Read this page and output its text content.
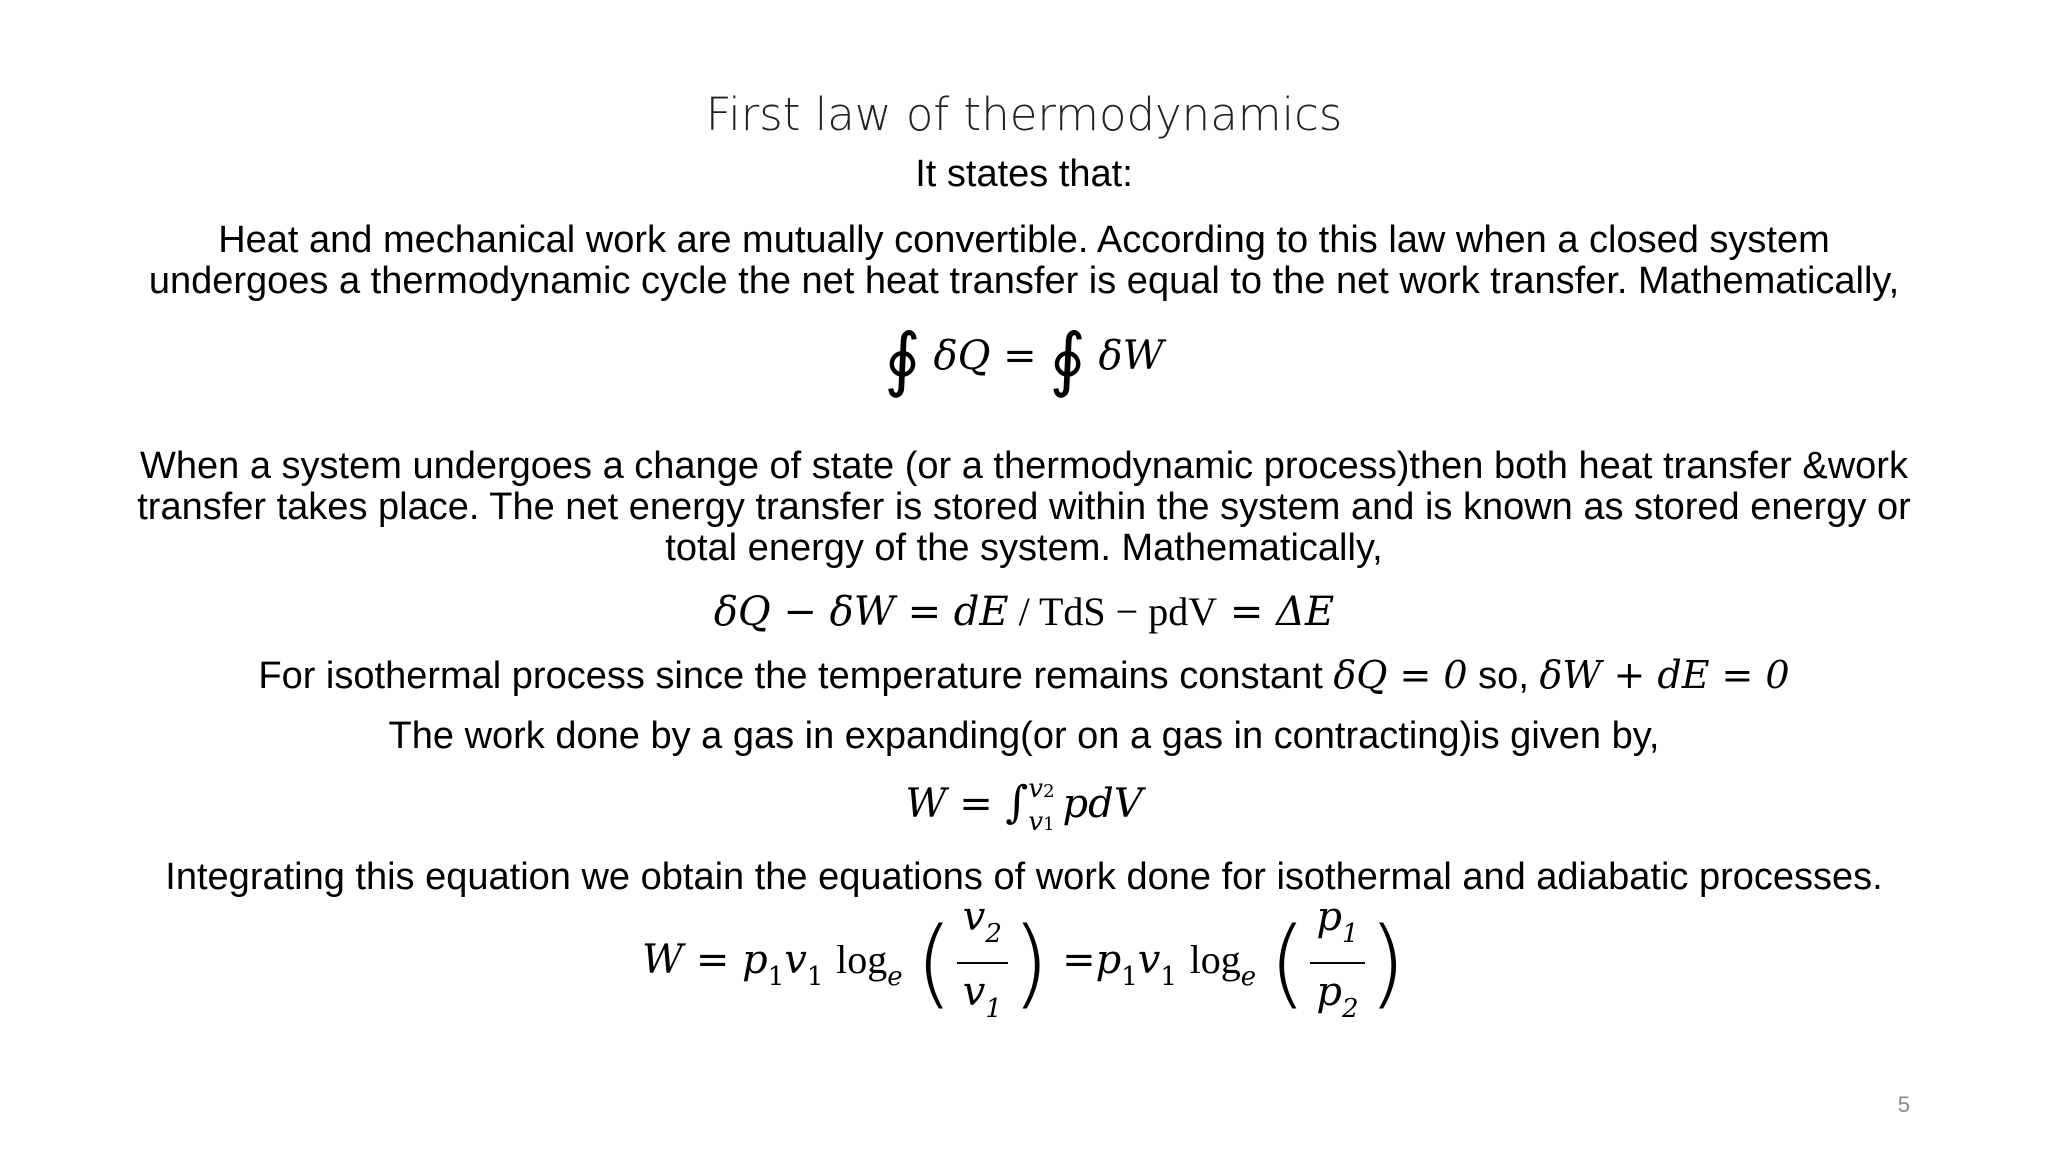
First law of thermodynamics
It states that:
Heat and mechanical work are mutually convertible. According to this law when a closed system
undergoes a thermodynamic cycle the net heat transfer is equal to the net work transfer. Mathematically,
∮ δQ = ∮ δW
When a system undergoes a change of state (or a thermodynamic process)then both heat transfer &work
transfer takes place. The net energy transfer is stored within the system and is known as stored energy or
total energy of the system. Mathematically,
δQ − δW = dE / TdS − pdV = ΔE
For isothermal process since the temperature remains constant δQ = 0 so, δW + dE = 0
The work done by a gas in expanding(or on a gas in contracting)is given by,
W = ∫ v2
v1 pdV
Integrating this equation we obtain the equations of work done for isothermal and adiabatic processes.
$W = p_1v_1$ $\log_e$ ( $\frac{v_2}{v_1}$ ) $=p_1v_1$ $\log_e$ ( $\frac{p_1}{p_2}$ )
5
